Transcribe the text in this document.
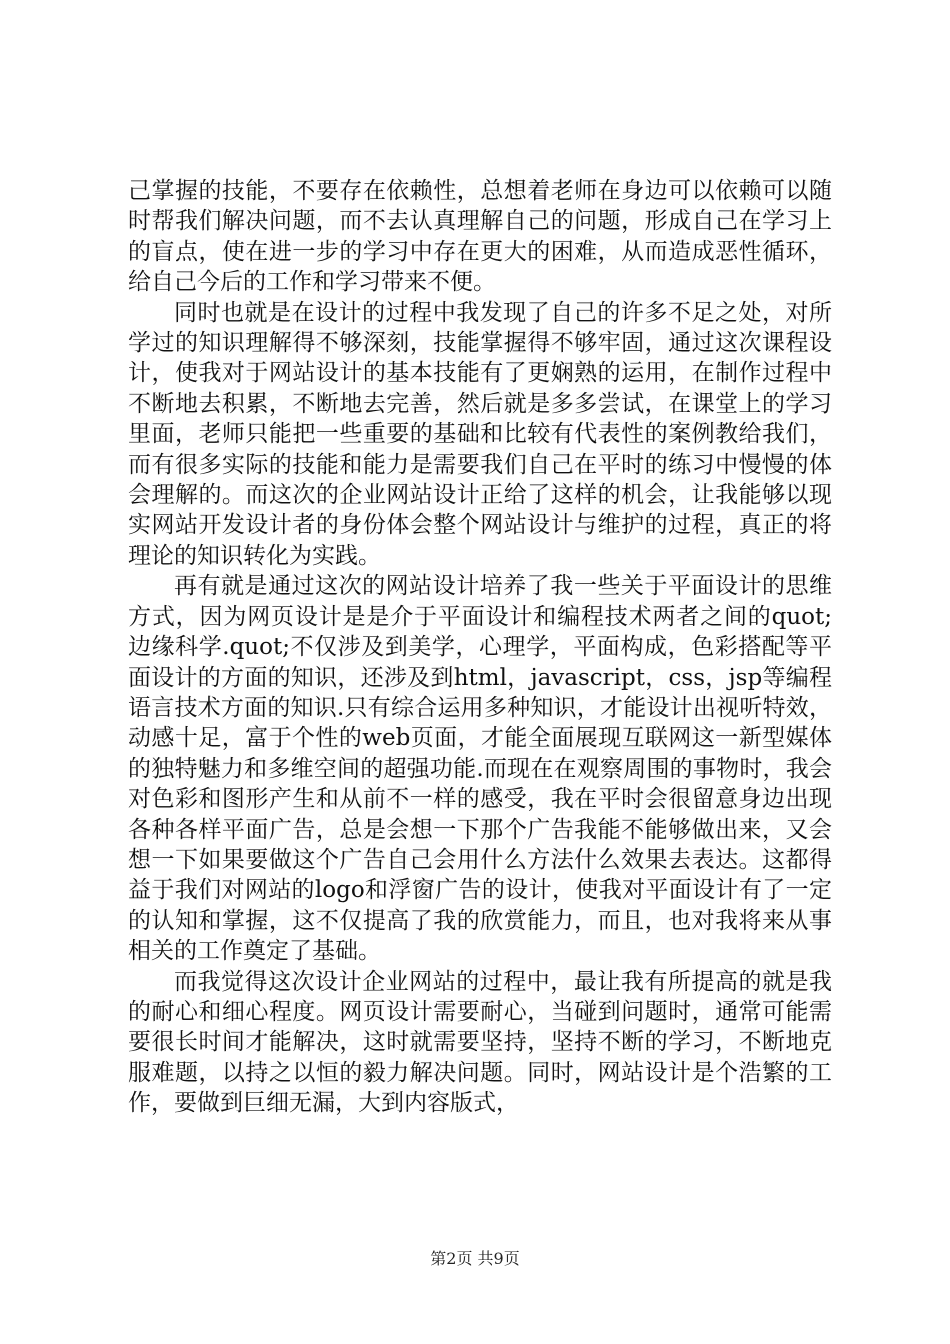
己掌握的技能，不要存在依赖性，总想着老师在身边可以依赖可以随时帮我们解决问题，而不去认真理解自己的问题，形成自己在学习上的盲点，使在进一步的学习中存在更大的困难，从而造成恶性循环，给自己今后的工作和学习带来不便。

同时也就是在设计的过程中我发现了自己的许多不足之处，对所学过的知识理解得不够深刻，技能掌握得不够牢固，通过这次课程设计，使我对于网站设计的基本技能有了更娴熟的运用，在制作过程中不断地去积累，不断地去完善，然后就是多多尝试，在课堂上的学习里面，老师只能把一些重要的基础和比较有代表性的案例教给我们，而有很多实际的技能和能力是需要我们自己在平时的练习中慢慢的体会理解的。而这次的企业网站设计正给了这样的机会，让我能够以现实网站开发设计者的身份体会整个网站设计与维护的过程，真正的将理论的知识转化为实践。

再有就是通过这次的网站设计培养了我一些关于平面设计的思维方式，因为网页设计是是介于平面设计和编程技术两者之间的quot;边缘科学.quot;不仅涉及到美学，心理学，平面构成，色彩搭配等平面设计的方面的知识，还涉及到html，javascript，css，jsp等编程语言技术方面的知识.只有综合运用多种知识，才能设计出视听特效，动感十足，富于个性的web页面，才能全面展现互联网这一新型媒体的独特魅力和多维空间的超强功能.而现在在观察周围的事物时，我会对色彩和图形产生和从前不一样的感受，我在平时会很留意身边出现各种各样平面广告，总是会想一下那个广告我能不能够做出来，又会想一下如果要做这个广告自己会用什么方法什么效果去表达。这都得益于我们对网站的logo和浮窗广告的设计，使我对平面设计有了一定的认知和掌握，这不仅提高了我的欣赏能力，而且，也对我将来从事相关的工作奠定了基础。

而我觉得这次设计企业网站的过程中，最让我有所提高的就是我的耐心和细心程度。网页设计需要耐心，当碰到问题时，通常可能需要很长时间才能解决，这时就需要坚持，坚持不断的学习，不断地克服难题，以持之以恒的毅力解决问题。同时，网站设计是个浩繁的工作，要做到巨细无漏，大到内容版式，

第2页 共9页
